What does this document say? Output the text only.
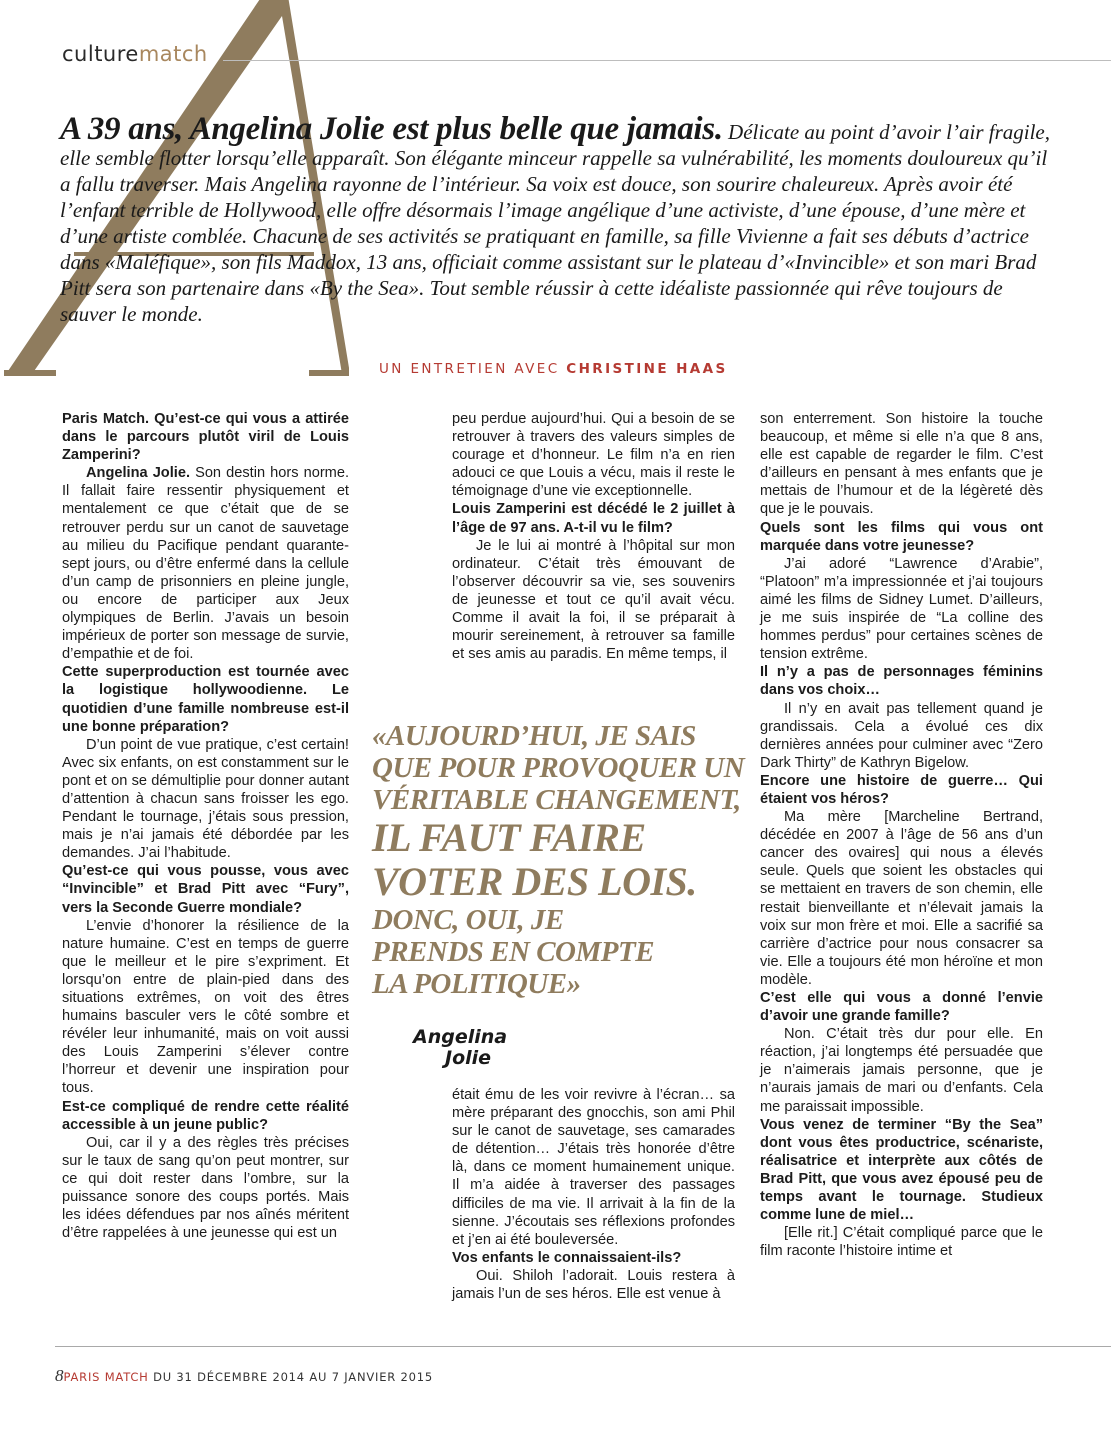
culturematch
A 39 ans, Angelina Jolie est plus belle que jamais. Délicate au point d’avoir l’air fragile, elle semble flotter lorsqu’elle apparaît. Son élégante minceur rappelle sa vulnérabilité, les moments douloureux qu’il a fallu traverser. Mais Angelina rayonne de l’intérieur. Sa voix est douce, son sourire chaleureux. Après avoir été l’enfant terrible de Hollywood, elle offre désormais l’image angélique d’une activiste, d’une épouse, d’une mère et d’une artiste comblée. Chacune de ses activités se pratiquant en famille, sa fille Vivienne a fait ses débuts d’actrice dans «Maléfique», son fils Maddox, 13 ans, officiait comme assistant sur le plateau d’«Invincible» et son mari Brad Pitt sera son partenaire dans «By the Sea». Tout semble réussir à cette idéaliste passionnée qui rêve toujours de sauver le monde.
UN ENTRETIEN AVEC CHRISTINE HAAS

Paris Match. Qu’est-ce qui vous a attirée dans le parcours plutôt viril de Louis Zamperini?

Angelina Jolie. Son destin hors norme. Il fallait faire ressentir physiquement et mentalement ce que c’était que de se retrouver perdu sur un canot de sauvetage au milieu du Pacifique pendant quarante-sept jours, ou d’être enfermé dans la cellule d’un camp de prisonniers en pleine jungle, ou encore de participer aux Jeux olympiques de Berlin. J’avais un besoin impérieux de porter son message de survie, d’empathie et de foi.

Cette superproduction est tournée avec la logistique hollywoodienne. Le quotidien d’une famille nombreuse est-il une bonne préparation?

D’un point de vue pratique, c’est certain! Avec six enfants, on est constamment sur le pont et on se démultiplie pour donner autant d’attention à chacun sans froisser les ego. Pendant le tournage, j’étais sous pression, mais je n’ai jamais été débordée par les demandes. J’ai l’habitude.

Qu’est-ce qui vous pousse, vous avec “Invincible” et Brad Pitt avec “Fury”, vers la Seconde Guerre mondiale?

L’envie d’honorer la résilience de la nature humaine. C’est en temps de guerre que le meilleur et le pire s’expriment. Et lorsqu’on entre de plain-pied dans des situations extrêmes, on voit des êtres humains basculer vers le côté sombre et révéler leur inhumanité, mais on voit aussi des Louis Zamperini s’élever contre l’horreur et devenir une inspiration pour tous.

Est-ce compliqué de rendre cette réalité accessible à un jeune public?

Oui, car il y a des règles très précises sur le taux de sang qu’on peut montrer, sur ce qui doit rester dans l’ombre, sur la puissance sonore des coups portés. Mais les idées défendues par nos aînés méritent d’être rappelées à une jeunesse qui est un

peu perdue aujourd’hui. Qui a besoin de se retrouver à travers des valeurs simples de courage et d’honneur. Le film n’a en rien adouci ce que Louis a vécu, mais il reste le témoignage d’une vie exceptionnelle.

Louis Zamperini est décédé le 2 juillet à l’âge de 97 ans. A-t-il vu le film?

Je le lui ai montré à l’hôpital sur mon ordinateur. C’était très émouvant de l’observer découvrir sa vie, ses souvenirs de jeunesse et tout ce qu’il avait vécu. Comme il avait la foi, il se préparait à mourir sereinement, à retrouver sa famille et ses amis au paradis. En même temps, il

«AUJOURD’HUI, JE SAIS
QUE POUR PROVOQUER UN
VÉRITABLE CHANGEMENT,
IL FAUT FAIRE
VOTER DES LOIS.
DONC, OUI, JE
PRENDS EN COMPTE
LA POLITIQUE»
Angelina
Jolie

était ému de les voir revivre à l’écran… sa mère préparant des gnocchis, son ami Phil sur le canot de sauvetage, ses camarades de détention… J’étais très honorée d’être là, dans ce moment humainement unique. Il m’a aidée à traverser des passages difficiles de ma vie. Il arrivait à la fin de la sienne. J’écoutais ses réflexions profondes et j’en ai été bouleversée.

Vos enfants le connaissaient-ils?

Oui. Shiloh l’adorait. Louis restera à jamais l’un de ses héros. Elle est venue à

son enterrement. Son histoire la touche beaucoup, et même si elle n’a que 8 ans, elle est capable de regarder le film. C’est d’ailleurs en pensant à mes enfants que je mettais de l’humour et de la légèreté dès que je le pouvais.

Quels sont les films qui vous ont marquée dans votre jeunesse?

J’ai adoré “Lawrence d’Arabie”, “Platoon” m’a impressionnée et j’ai toujours aimé les films de Sidney Lumet. D’ailleurs, je me suis inspirée de “La colline des hommes perdus” pour certaines scènes de tension extrême.

Il n’y a pas de personnages féminins dans vos choix…

Il n’y en avait pas tellement quand je grandissais. Cela a évolué ces dix dernières années pour culminer avec “Zero Dark Thirty” de Kathryn Bigelow.

Encore une histoire de guerre… Qui étaient vos héros?

Ma mère [Marcheline Bertrand, décédée en 2007 à l’âge de 56 ans d’un cancer des ovaires] qui nous a élevés seule. Quels que soient les obstacles qui se mettaient en travers de son chemin, elle restait bienveillante et n’élevait jamais la voix sur mon frère et moi. Elle a sacrifié sa carrière d’actrice pour nous consacrer sa vie. Elle a toujours été mon héroïne et mon modèle.

C’est elle qui vous a donné l’envie d’avoir une grande famille?

Non. C’était très dur pour elle. En réaction, j’ai longtemps été persuadée que je n’aimerais jamais personne, que je n’aurais jamais de mari ou d’enfants. Cela me paraissait impossible.

Vous venez de terminer “By the Sea” dont vous êtes productrice, scénariste, réalisatrice et interprète aux côtés de Brad Pitt, que vous avez épousé peu de temps avant le tournage. Studieux comme lune de miel…

[Elle rit.] C’était compliqué parce que le film raconte l’histoire intime et

8PARIS MATCH DU 31 DÉCEMBRE 2014 AU 7 JANVIER 2015
